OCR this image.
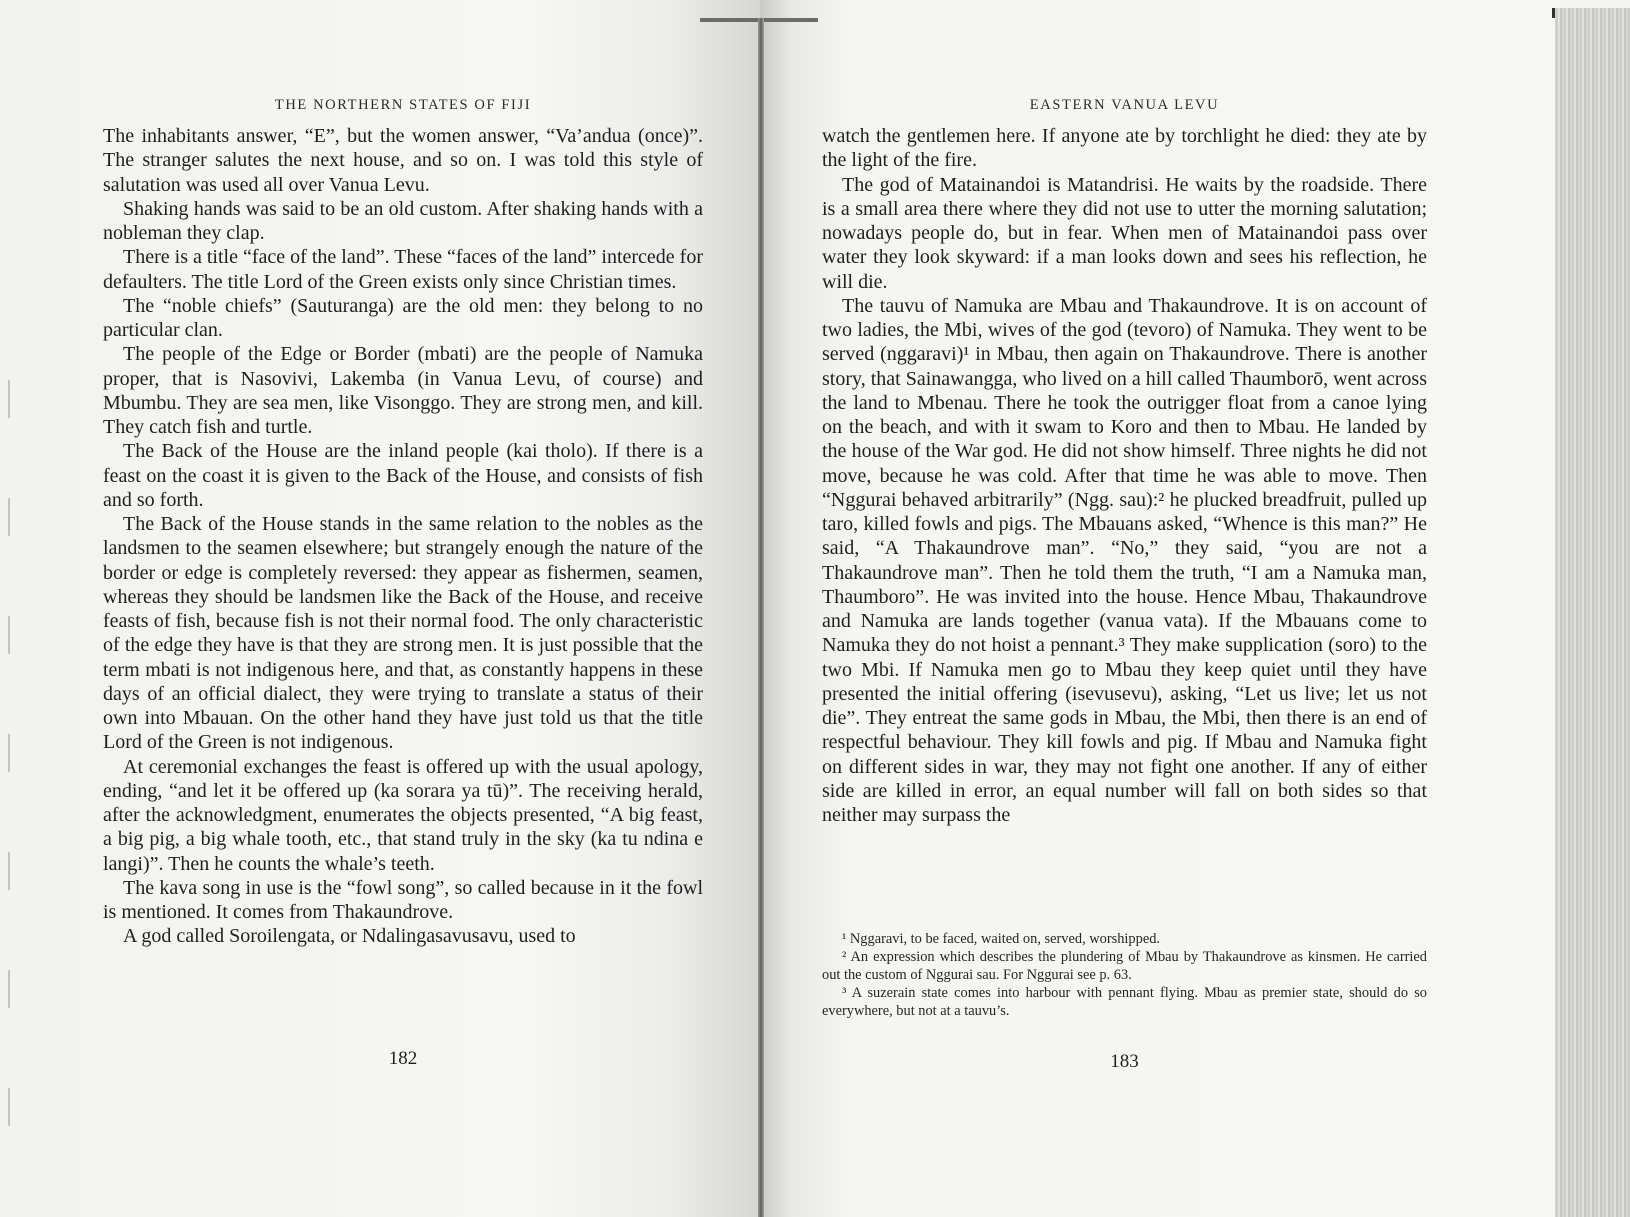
THE NORTHERN STATES OF FIJI

The inhabitants answer, “E”, but the women answer, “Va’andua (once)”. The stranger salutes the next house, and so on. I was told this style of salutation was used all over Vanua Levu.

Shaking hands was said to be an old custom. After shaking hands with a nobleman they clap.

There is a title “face of the land”. These “faces of the land” intercede for defaulters. The title Lord of the Green exists only since Christian times.

The “noble chiefs” (Sauturanga) are the old men: they belong to no particular clan.

The people of the Edge or Border (mbati) are the people of Namuka proper, that is Nasovivi, Lakemba (in Vanua Levu, of course) and Mbumbu. They are sea men, like Visonggo. They are strong men, and kill. They catch fish and turtle.

The Back of the House are the inland people (kai tholo). If there is a feast on the coast it is given to the Back of the House, and consists of fish and so forth.

The Back of the House stands in the same relation to the nobles as the landsmen to the seamen elsewhere; but strangely enough the nature of the border or edge is completely reversed: they appear as fishermen, seamen, whereas they should be landsmen like the Back of the House, and receive feasts of fish, because fish is not their normal food. The only characteristic of the edge they have is that they are strong men. It is just possible that the term mbati is not indigenous here, and that, as constantly happens in these days of an official dialect, they were trying to translate a status of their own into Mbauan. On the other hand they have just told us that the title Lord of the Green is not indigenous.

At ceremonial exchanges the feast is offered up with the usual apology, ending, “and let it be offered up (ka sorara ya tū)”. The receiving herald, after the acknowledgment, enumerates the objects presented, “A big feast, a big pig, a big whale tooth, etc., that stand truly in the sky (ka tu ndina e langi)”. Then he counts the whale’s teeth.

The kava song in use is the “fowl song”, so called because in it the fowl is mentioned. It comes from Thakaundrove.

A god called Soroilengata, or Ndalingasavusavu, used to

182
EASTERN VANUA LEVU

watch the gentlemen here. If anyone ate by torchlight he died: they ate by the light of the fire.

The god of Matainandoi is Matandrisi. He waits by the roadside. There is a small area there where they did not use to utter the morning salutation; nowadays people do, but in fear. When men of Matainandoi pass over water they look skyward: if a man looks down and sees his reflection, he will die.

The tauvu of Namuka are Mbau and Thakaundrove. It is on account of two ladies, the Mbi, wives of the god (tevoro) of Namuka. They went to be served (nggaravi)¹ in Mbau, then again on Thakaundrove. There is another story, that Sainawangga, who lived on a hill called Thaumborō, went across the land to Mbenau. There he took the outrigger float from a canoe lying on the beach, and with it swam to Koro and then to Mbau. He landed by the house of the War god. He did not show himself. Three nights he did not move, because he was cold. After that time he was able to move. Then “Nggurai behaved arbitrarily” (Ngg. sau):² he plucked breadfruit, pulled up taro, killed fowls and pigs. The Mbauans asked, “Whence is this man?” He said, “A Thakaundrove man”. “No,” they said, “you are not a Thakaundrove man”. Then he told them the truth, “I am a Namuka man, Thaumboro”. He was invited into the house. Hence Mbau, Thakaundrove and Namuka are lands together (vanua vata). If the Mbauans come to Namuka they do not hoist a pennant.³ They make supplication (soro) to the two Mbi. If Namuka men go to Mbau they keep quiet until they have presented the initial offering (isevusevu), asking, “Let us live; let us not die”. They entreat the same gods in Mbau, the Mbi, then there is an end of respectful behaviour. They kill fowls and pig. If Mbau and Namuka fight on different sides in war, they may not fight one another. If any of either side are killed in error, an equal number will fall on both sides so that neither may surpass the

¹ Nggaravi, to be faced, waited on, served, worshipped.

² An expression which describes the plundering of Mbau by Thakaundrove as kinsmen. He carried out the custom of Nggurai sau. For Nggurai see p. 63.

³ A suzerain state comes into harbour with pennant flying. Mbau as premier state, should do so everywhere, but not at a tauvu’s.

183
